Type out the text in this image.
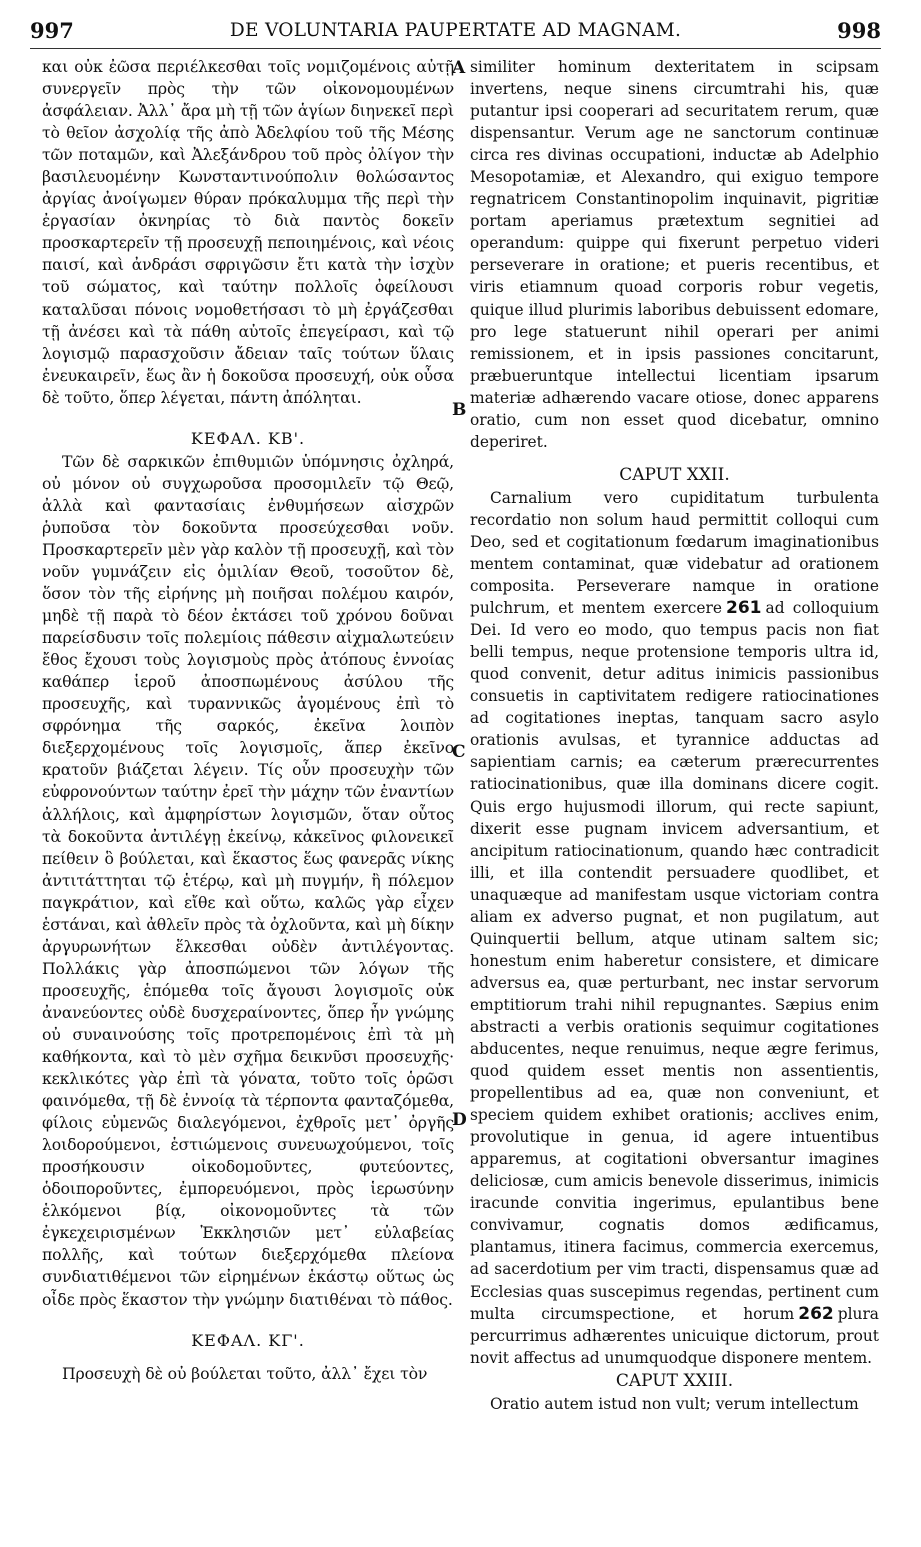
997	DE VOLUNTARIA PAUPERTATE AD MAGNAM.	998
A
B
C
D

και οὐκ ἐῶσα περιέλκεσθαι τοῖς νομιζομένοις αὐτῇ συνεργεῖν πρὸς τὴν τῶν οἰκονομουμένων ἀσφάλειαν. Ἀλλ᾽ ἄρα μὴ τῇ τῶν ἁγίων διηνεκεῖ περὶ τὸ θεῖον ἀσχολίᾳ τῆς ἀπὸ Ἀδελφίου τοῦ τῆς Μέσης τῶν ποταμῶν, καὶ Ἀλεξάνδρου τοῦ πρὸς ὀλίγον τὴν βασιλευομένην Κωνσταντινούπολιν θολώσαντος ἀργίας ἀνοίγωμεν θύραν πρόκαλυμμα τῆς περὶ τὴν ἐργασίαν ὀκνηρίας τὸ διὰ παντὸς δοκεῖν προσκαρτερεῖν τῇ προσευχῇ πεποιημένοις, καὶ νέοις παισί, καὶ ἀνδράσι σφριγῶσιν ἔτι κατὰ τὴν ἰσχὺν τοῦ σώματος, καὶ ταύτην πολλοῖς ὀφείλουσι καταλῦσαι πόνοις νομοθετήσασι τὸ μὴ ἐργάζεσθαι τῇ ἀνέσει καὶ τὰ πάθη αὐτοῖς ἐπεγείρασι, καὶ τῷ λογισμῷ παρασχοῦσιν ἄδειαν ταῖς τούτων ὕλαις ἐνευκαιρεῖν, ἕως ἂν ἡ δοκοῦσα προσευχή, οὐκ οὖσα δὲ τοῦτο, ὅπερ λέγεται, πάντη ἀπόληται.

ΚΕΦΑΛ. ΚΒ'.

Τῶν δὲ σαρκικῶν ἐπιθυμιῶν ὑπόμνησις ὀχληρά, οὐ μόνον οὐ συγχωροῦσα προσομιλεῖν τῷ Θεῷ, ἀλλὰ καὶ φαντασίαις ἐνθυμήσεων αἰσχρῶν ῥυποῦσα τὸν δοκοῦντα προσεύχεσθαι νοῦν. Προσκαρτερεῖν μὲν γὰρ καλὸν τῇ προσευχῇ, καὶ τὸν νοῦν γυμνάζειν εἰς ὁμιλίαν Θεοῦ, τοσοῦτον δὲ, ὅσον τὸν τῆς εἰρήνης μὴ ποιῆσαι πολέμου καιρόν, μηδὲ τῇ παρὰ τὸ δέον ἐκτάσει τοῦ χρόνου δοῦναι παρείσδυσιν τοῖς πολεμίοις πάθεσιν αἰχμαλωτεύειν ἔθος ἔχουσι τοὺς λογισμοὺς πρὸς ἀτόπους ἐννοίας καθάπερ ἱεροῦ ἀποσπωμένους ἀσύλου τῆς προσευχῆς, καὶ τυραννικῶς ἀγομένους ἐπὶ τὸ σφρόνημα τῆς σαρκός, ἐκεῖνα λοιπὸν διεξερχομένους τοῖς λογισμοῖς, ἅπερ ἐκεῖνο κρατοῦν βιάζεται λέγειν. Τίς οὖν προσευχὴν τῶν εὐφρονούντων ταύτην ἐρεῖ τὴν μάχην τῶν ἐναντίων ἀλλήλοις, καὶ ἀμφηρίστων λογισμῶν, ὅταν οὗτος τὰ δοκοῦντα ἀντιλέγῃ ἐκείνῳ, κἀκεῖνος φιλονεικεῖ πείθειν ὃ βούλεται, καὶ ἕκαστος ἕως φανερᾶς νίκης ἀντιτάττηται τῷ ἑτέρῳ, καὶ μὴ πυγμήν, ἢ πόλεμον παγκράτιον, καὶ εἴθε καὶ οὕτω, καλῶς γὰρ εἶχεν ἑστάναι, καὶ ἀθλεῖν πρὸς τὰ ὀχλοῦντα, καὶ μὴ δίκην ἀργυρωνήτων ἕλκεσθαι οὐδὲν ἀντιλέγοντας. Πολλάκις γὰρ ἀποσπώμενοι τῶν λόγων τῆς προσευχῆς, ἑπόμεθα τοῖς ἄγουσι λογισμοῖς οὐκ ἀνανεύοντες οὐδὲ δυσχεραίνοντες, ὅπερ ἦν γνώμης οὐ συναινούσης τοῖς προτρεπομένοις ἐπὶ τὰ μὴ καθήκοντα, καὶ τὸ μὲν σχῆμα δεικνῦσι προσευχῆς· κεκλικότες γὰρ ἐπὶ τὰ γόνατα, τοῦτο τοῖς ὁρῶσι φαινόμεθα, τῇ δὲ ἐννοίᾳ τὰ τέρποντα φανταζόμεθα, φίλοις εὐμενῶς διαλεγόμενοι, ἐχθροῖς μετ᾽ ὀργῆς λοιδορούμενοι, ἑστιώμενοις συνευωχούμενοι, τοῖς προσήκουσιν οἰκοδομοῦντες, φυτεύοντες, ὁδοιποροῦντες, ἐμπορευόμενοι, πρὸς ἱερωσύνην ἑλκόμενοι βίᾳ, οἰκονομοῦντες τὰ τῶν ἐγκεχειρισμένων Ἐκκλησιῶν μετ᾽ εὐλαβείας πολλῆς, καὶ τούτων διεξερχόμεθα πλείονα συνδιατιθέμενοι τῶν εἰρημένων ἑκάστῳ οὕτως ὡς οἶδε πρὸς ἕκαστον τὴν γνώμην διατιθέναι τὸ πάθος.

ΚΕΦΑΛ. ΚΓ'.

Προσευχὴ δὲ οὐ βούλεται τοῦτο, ἀλλ᾽ ἔχει τὸν

similiter hominum dexteritatem in scipsam invertens, neque sinens circumtrahi his, quæ putantur ipsi cooperari ad securitatem rerum, quæ dispensantur. Verum age ne sanctorum continuæ circa res divinas occupationi, inductæ ab Adelphio Mesopotamiæ, et Alexandro, qui exiguo tempore regnatricem Constantinopolim inquinavit, pigritiæ portam aperiamus prætextum segnitiei ad operandum: quippe qui fixerunt perpetuo videri perseverare in oratione; et pueris recentibus, et viris etiamnum quoad corporis robur vegetis, quique illud plurimis laboribus debuissent edomare, pro lege statuerunt nihil operari per animi remissionem, et in ipsis passiones concitarunt, præbueruntque intellectui licentiam ipsarum materiæ adhærendo vacare otiose, donec apparens oratio, cum non esset quod dicebatur, omnino deperiret.

CAPUT XXII.

Carnalium vero cupiditatum turbulenta recordatio non solum haud permittit colloqui cum Deo, sed et cogitationum fœdarum imaginationibus mentem contaminat, quæ videbatur ad orationem composita. Perseverare namque in oratione pulchrum, et mentem exercere 261 ad colloquium Dei. Id vero eo modo, quo tempus pacis non fiat belli tempus, neque protensione temporis ultra id, quod convenit, detur aditus inimicis passionibus consuetis in captivitatem redigere ratiocinationes ad cogitationes ineptas, tanquam sacro asylo orationis avulsas, et tyrannice adductas ad sapientiam carnis; ea cæterum prærecurrentes ratiocinationibus, quæ illa dominans dicere cogit. Quis ergo hujusmodi illorum, qui recte sapiunt, dixerit esse pugnam invicem adversantium, et ancipitum ratiocinationum, quando hæc contradicit illi, et illa contendit persuadere quodlibet, et unaquæque ad manifestam usque victoriam contra aliam ex adverso pugnat, et non pugilatum, aut Quinquertii bellum, atque utinam saltem sic; honestum enim haberetur consistere, et dimicare adversus ea, quæ perturbant, nec instar servorum emptitiorum trahi nihil repugnantes. Sæpius enim abstracti a verbis orationis sequimur cogitationes abducentes, neque renuimus, neque ægre ferimus, quod quidem esset mentis non assentientis, propellentibus ad ea, quæ non conveniunt, et speciem quidem exhibet orationis; acclives enim, provolutique in genua, id agere intuentibus apparemus, at cogitationi obversantur imagines deliciosæ, cum amicis benevole disserimus, inimicis iracunde convitia ingerimus, epulantibus bene convivamur, cognatis domos ædificamus, plantamus, itinera facimus, commercia exercemus, ad sacerdotium per vim tracti, dispensamus quæ ad Ecclesias quas suscepimus regendas, pertinent cum multa circumspectione, et horum 262 plura percurrimus adhærentes unicuique dictorum, prout novit affectus ad unumquodque disponere mentem.

CAPUT XXIII.

Oratio autem istud non vult; verum intellectum
